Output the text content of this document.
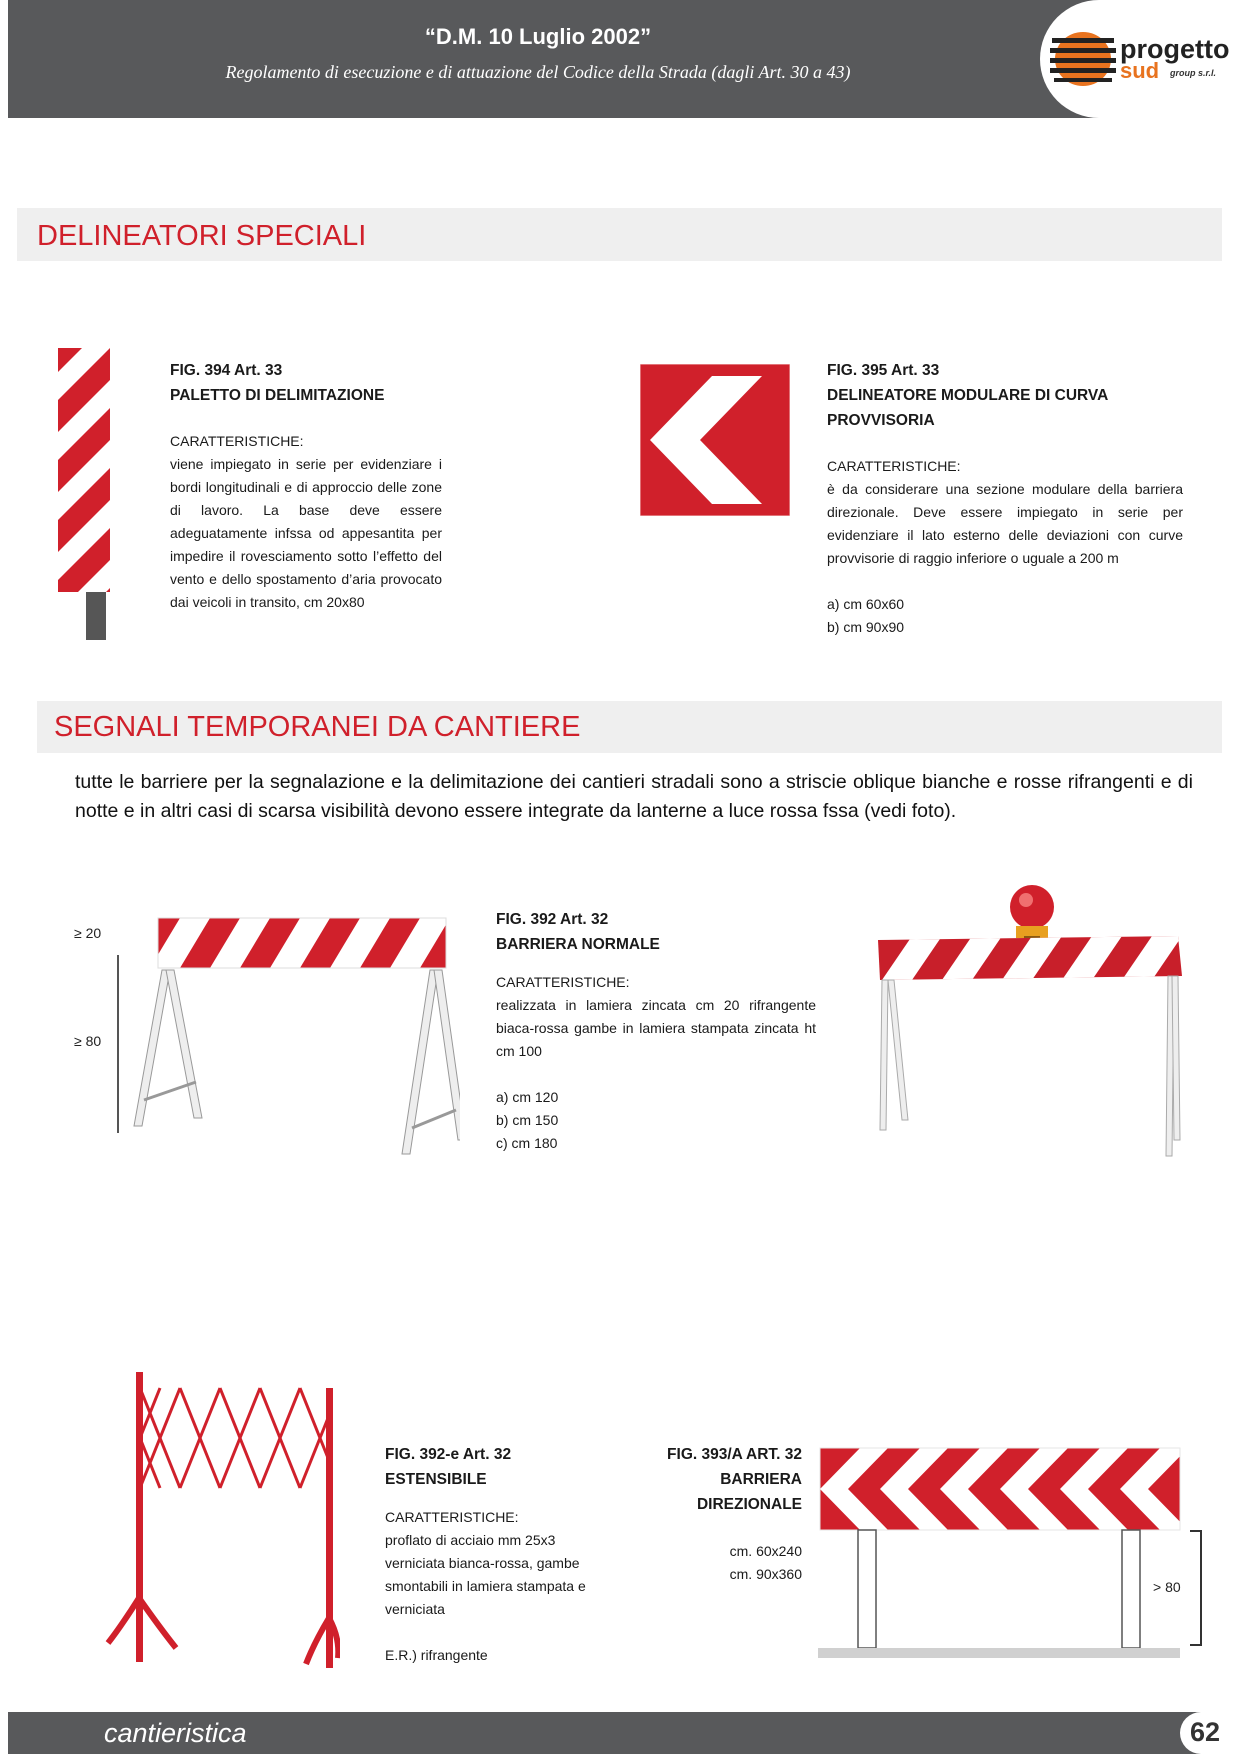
“D.M. 10 Luglio 2002”
Regolamento di esecuzione e di attuazione del Codice della Strada (dagli Art. 30 a 43)
progetto
sud group s.r.l.
DELINEATORI SPECIALI
FIG. 394 Art. 33
PALETTO DI DELIMITAZIONE
CARATTERISTICHE:
viene impiegato in serie per evidenziare i bordi longitudinali e di approccio delle zone di lavoro. La base deve essere adeguatamente infssa od appesantita per impedire il rovesciamento sotto l’effetto del vento e dello spostamento d’aria provocato dai veicoli in transito, cm 20x80
FIG. 395 Art. 33
DELINEATORE MODULARE DI CURVA PROVVISORIA
CARATTERISTICHE:
è da considerare una sezione modulare della barriera direzionale. Deve essere impiegato in serie per evidenziare il lato esterno delle deviazioni con curve provvisorie di raggio inferiore o uguale a 200 m
a) cm 60x60
b) cm 90x90
SEGNALI TEMPORANEI DA CANTIERE
tutte le barriere per la segnalazione e la delimitazione dei cantieri stradali sono a striscie oblique bianche e rosse rifrangenti e di notte e in altri casi di scarsa visibilità devono essere integrate da lanterne a luce rossa fssa (vedi foto).
≥ 20
≥ 80
FIG. 392 Art. 32
BARRIERA NORMALE
CARATTERISTICHE:
realizzata in lamiera zincata cm 20 rifrangente biaca-rossa gambe in lamiera stampata zincata ht cm 100
a) cm 120
b) cm 150
c) cm 180
FIG. 392-e Art. 32
ESTENSIBILE
CARATTERISTICHE:
proflato di acciaio mm 25x3 verniciata bianca-rossa, gambe smontabili in lamiera stampata e verniciata
E.R.) rifrangente
FIG. 393/A ART. 32
BARRIERA
DIREZIONALE
cm. 60x240
cm. 90x360
> 80
cantieristica	62
